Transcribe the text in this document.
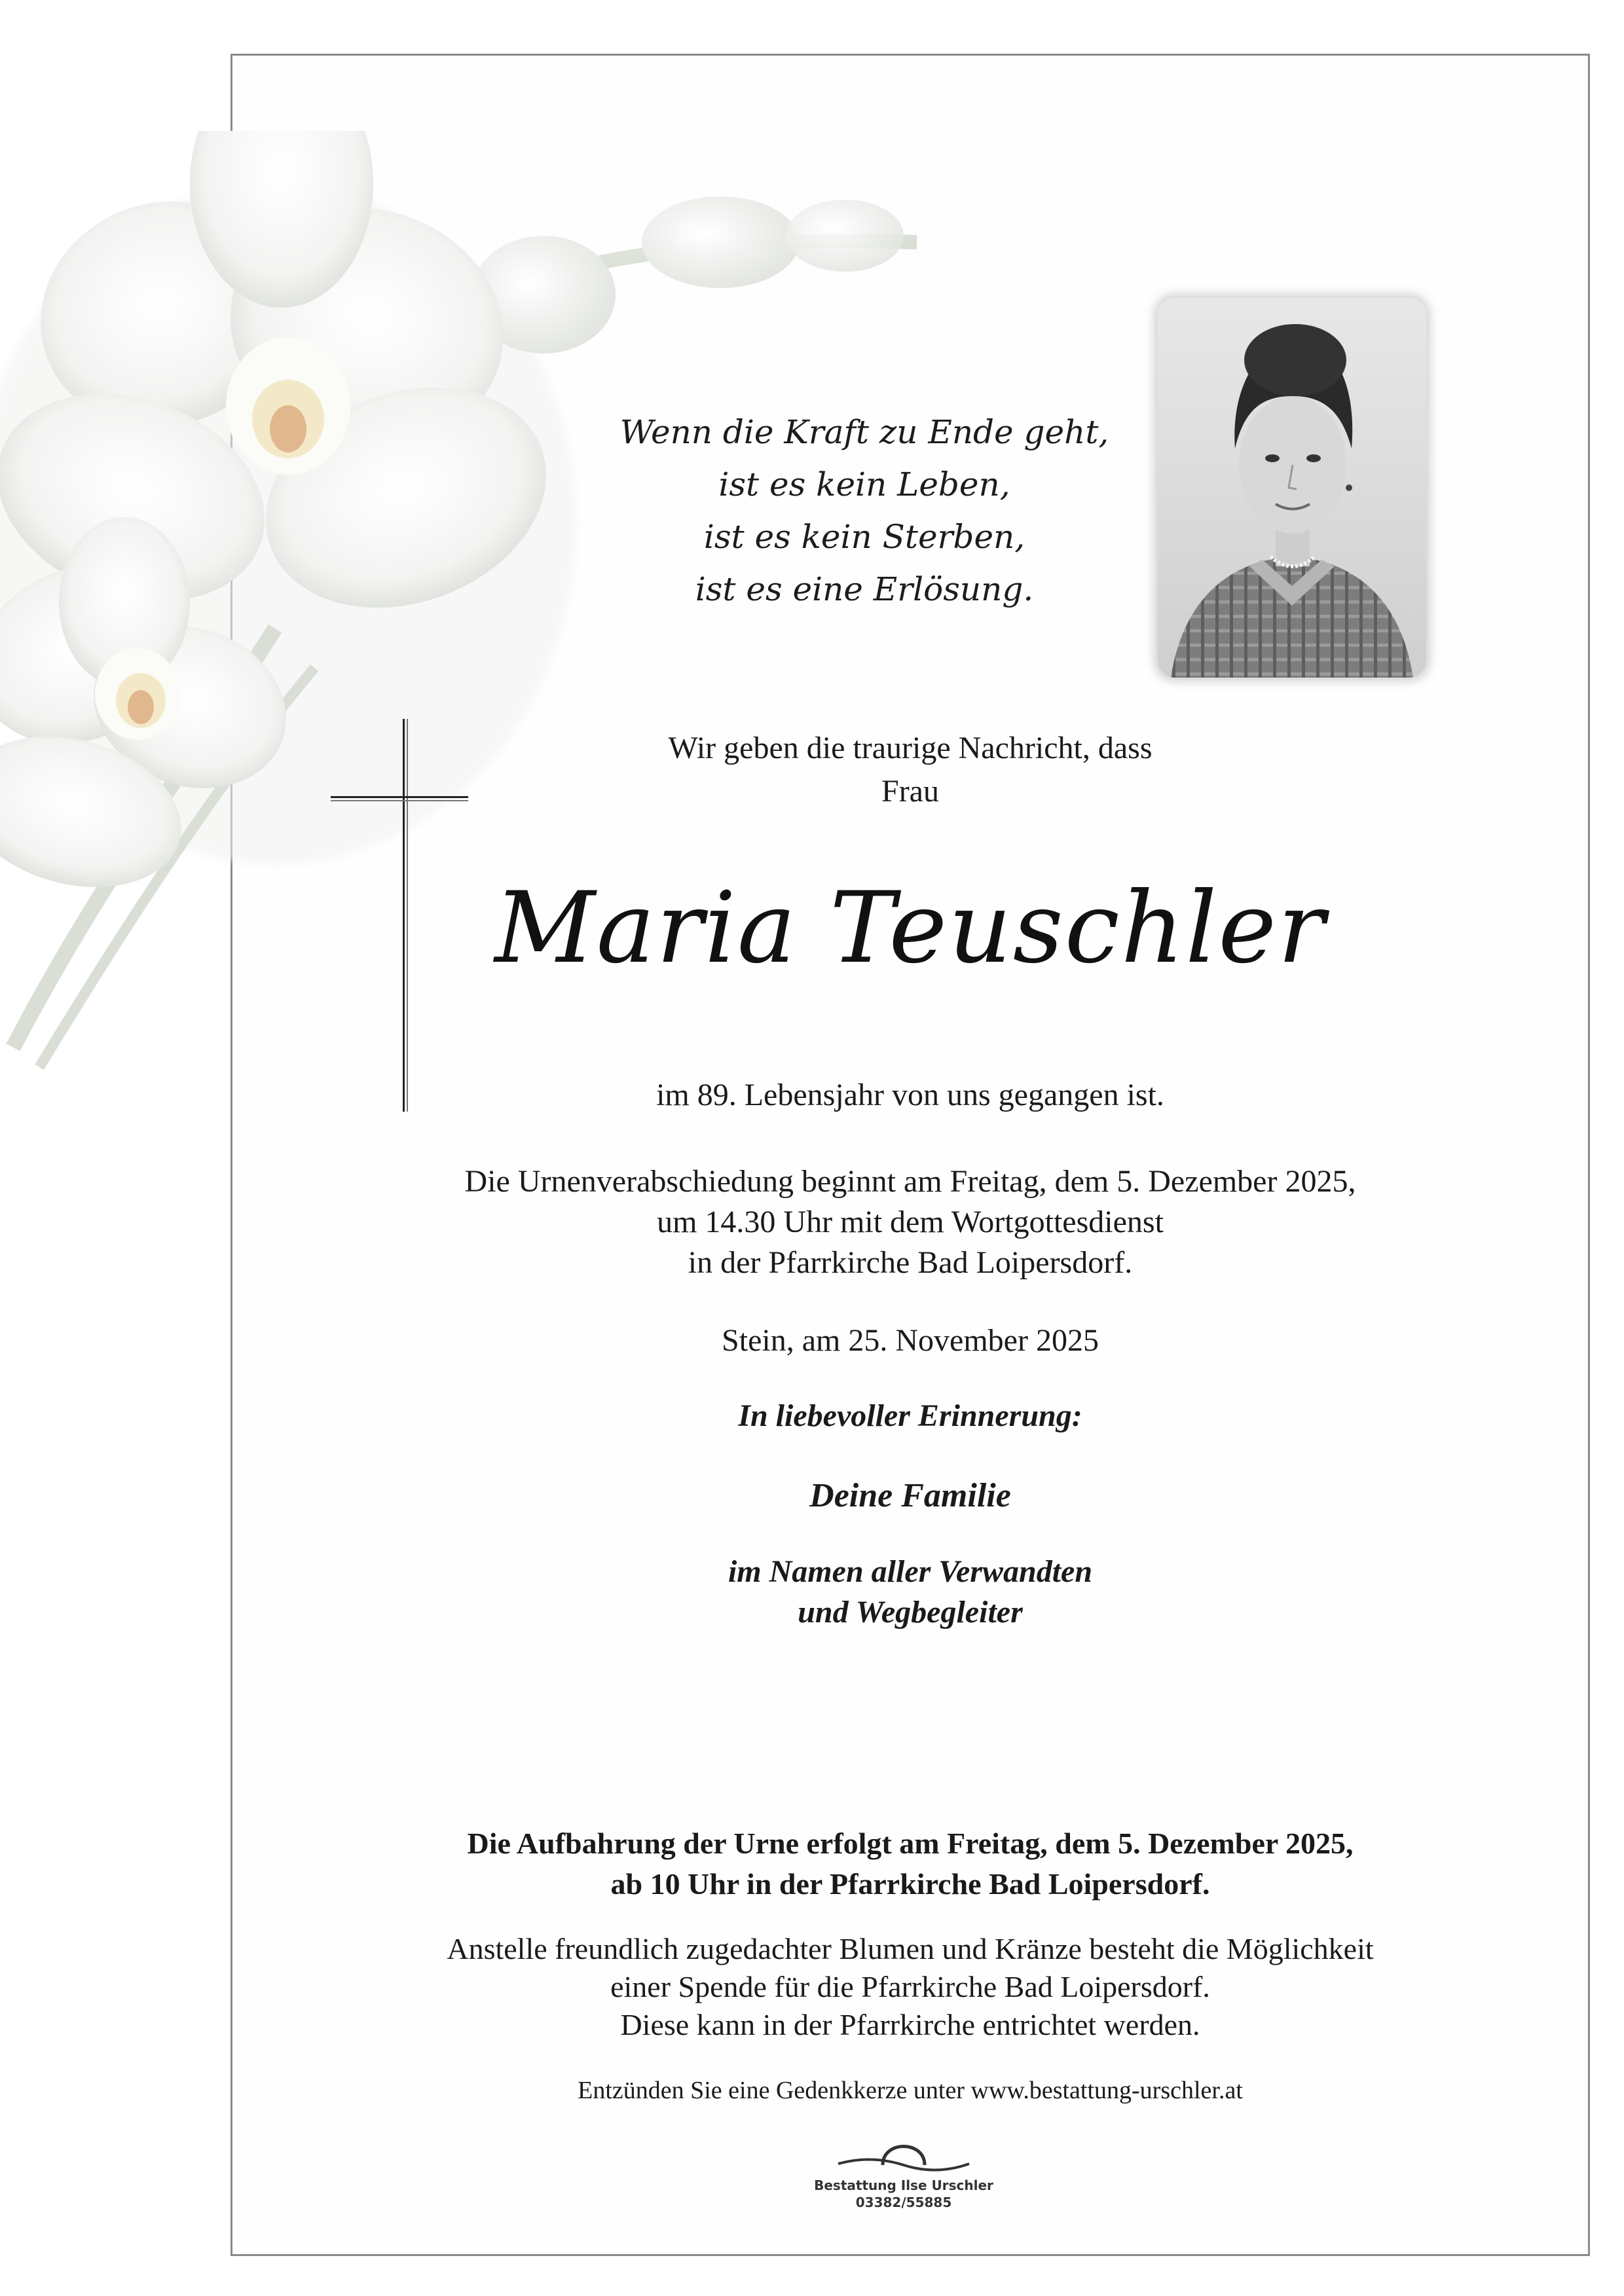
Wenn die Kraft zu Ende geht,
ist es kein Leben,
ist es kein Sterben,
ist es eine Erlösung.
Wir geben die traurige Nachricht, dass
Frau
Maria Teuschler
im 89. Lebensjahr von uns gegangen ist.
Die Urnenverabschiedung beginnt am Freitag, dem 5. Dezember 2025,
um 14.30 Uhr mit dem Wortgottesdienst
in der Pfarrkirche Bad Loipersdorf.
Stein, am 25. November 2025
In liebevoller Erinnerung:
Deine Familie
im Namen aller Verwandten
und Wegbegleiter
Die Aufbahrung der Urne erfolgt am Freitag, dem 5. Dezember 2025,
ab 10 Uhr in der Pfarrkirche Bad Loipersdorf.
Anstelle freundlich zugedachter Blumen und Kränze besteht die Möglichkeit
einer Spende für die Pfarrkirche Bad Loipersdorf.
Diese kann in der Pfarrkirche entrichtet werden.
Entzünden Sie eine Gedenkkerze unter www.bestattung-urschler.at
Bestattung Ilse Urschler
03382/55885
